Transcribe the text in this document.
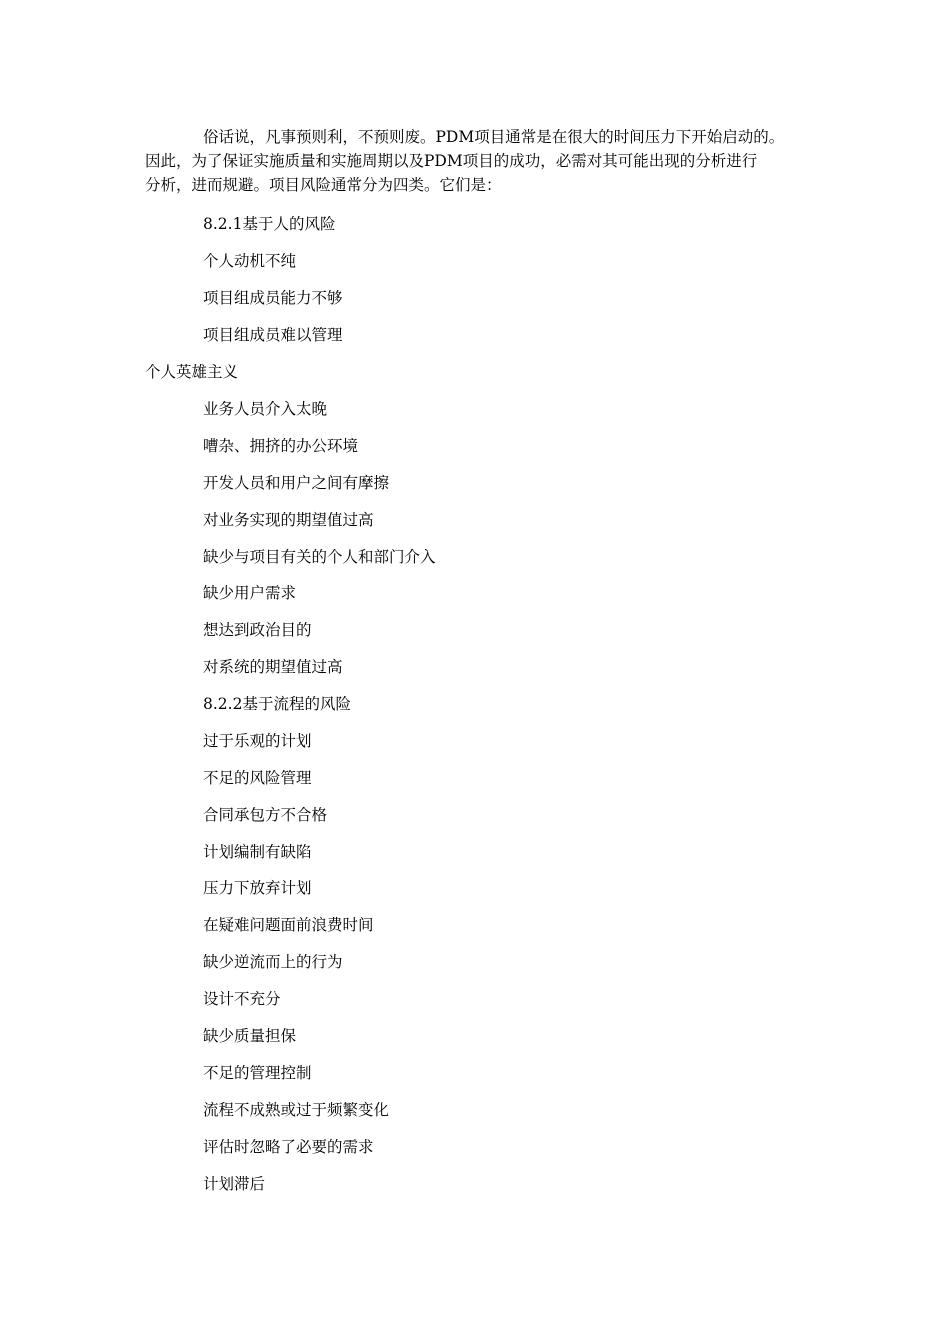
俗话说，凡事预则利，不预则废。PDM项目通常是在很大的时间压力下开始启动的。
因此，为了保证实施质量和实施周期以及PDM项目的成功，必需对其可能出现的分析进行
分析，进而规避。项目风险通常分为四类。它们是：

8.2.1基于人的风险

个人动机不纯

项目组成员能力不够

项目组成员难以管理

个人英雄主义

业务人员介入太晚

嘈杂、拥挤的办公环境

开发人员和用户之间有摩擦

对业务实现的期望值过高

缺少与项目有关的个人和部门介入

缺少用户需求

想达到政治目的

对系统的期望值过高

8.2.2基于流程的风险

过于乐观的计划

不足的风险管理

合同承包方不合格

计划编制有缺陷

压力下放弃计划

在疑难问题面前浪费时间

缺少逆流而上的行为

设计不充分

缺少质量担保

不足的管理控制

流程不成熟或过于频繁变化

评估时忽略了必要的需求

计划滞后
